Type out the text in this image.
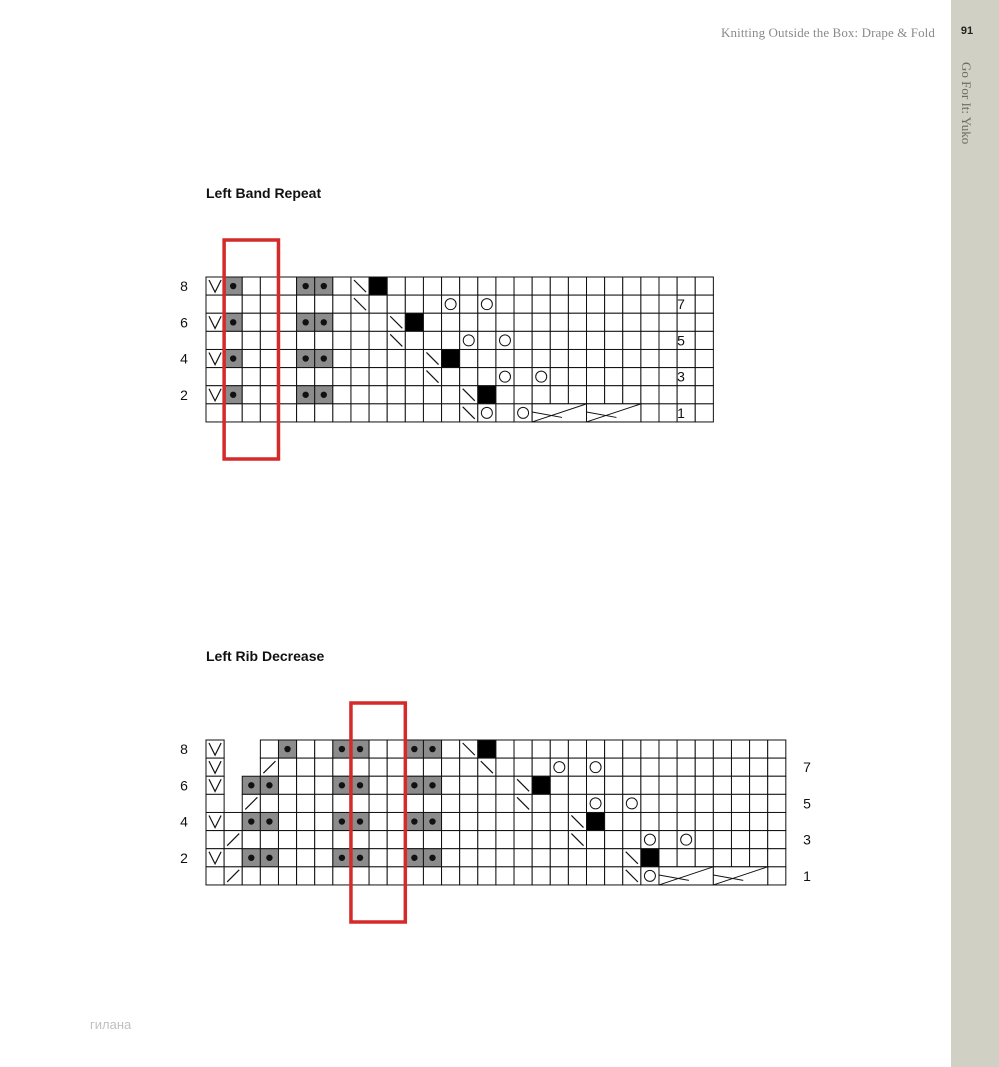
Knitting Outside the Box: Drape & Fold	91
Go For It: Yuko
Left Band Repeat
Left Rib Decrease
8
6
4
2
7
5
3
1
8
6
4
2
7
5
3
1
гилана
